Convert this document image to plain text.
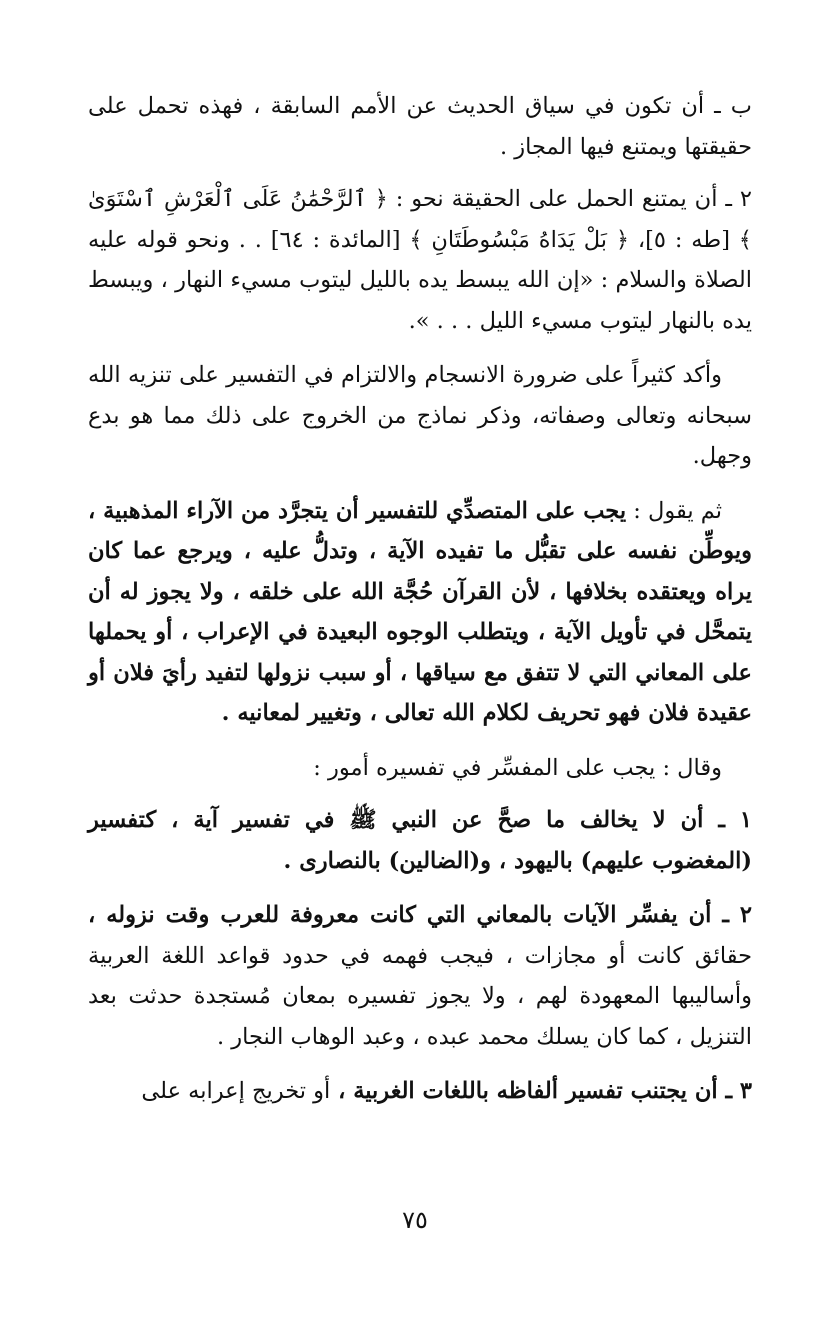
ب ـ أن تكون في سياق الحديث عن الأمم السابقة ، فهذه تحمل على حقيقتها ويمتنع فيها المجاز .

٢ ـ أن يمتنع الحمل على الحقيقة نحو : ﴿ ٱلرَّحْمَٰنُ عَلَى ٱلْعَرْشِ ٱسْتَوَىٰ ﴾ [طه : ٥]، ﴿ بَلْ يَدَاهُ مَبْسُوطَتَانِ ﴾ [المائدة : ٦٤] . . ونحو قوله عليه الصلاة والسلام : «إن الله يبسط يده بالليل ليتوب مسيء النهار ، ويبسط يده بالنهار ليتوب مسيء الليل . . . ».

وأكد كثيراً على ضرورة الانسجام والالتزام في التفسير على تنزيه الله سبحانه وتعالى وصفاته، وذكر نماذج من الخروج على ذلك مما هو بدع وجهل.

ثم يقول : يجب على المتصدِّي للتفسير أن يتجرَّد من الآراء المذهبية ، ويوطِّن نفسه على تقبُّل ما تفيده الآية ، وتدلُّ عليه ، ويرجع عما كان يراه ويعتقده بخلافها ، لأن القرآن حُجَّة الله على خلقه ، ولا يجوز له أن يتمحَّل في تأويل الآية ، ويتطلب الوجوه البعيدة في الإعراب ، أو يحملها على المعاني التي لا تتفق مع سياقها ، أو سبب نزولها لتفيد رأيَ فلان أو عقيدة فلان فهو تحريف لكلام الله تعالى ، وتغيير لمعانيه .

وقال : يجب على المفسِّر في تفسيره أمور :

١ ـ أن لا يخالف ما صحَّ عن النبي ﷺ في تفسير آية ، كتفسير (المغضوب عليهم) باليهود ، و(الضالين) بالنصارى .

٢ ـ أن يفسِّر الآيات بالمعاني التي كانت معروفة للعرب وقت نزوله ، حقائق كانت أو مجازات ، فيجب فهمه في حدود قواعد اللغة العربية وأساليبها المعهودة لهم ، ولا يجوز تفسيره بمعان مُستجدة حدثت بعد التنزيل ، كما كان يسلك محمد عبده ، وعبد الوهاب النجار .

٣ ـ أن يجتنب تفسير ألفاظه باللغات الغربية ، أو تخريج إعرابه على

٧٥
